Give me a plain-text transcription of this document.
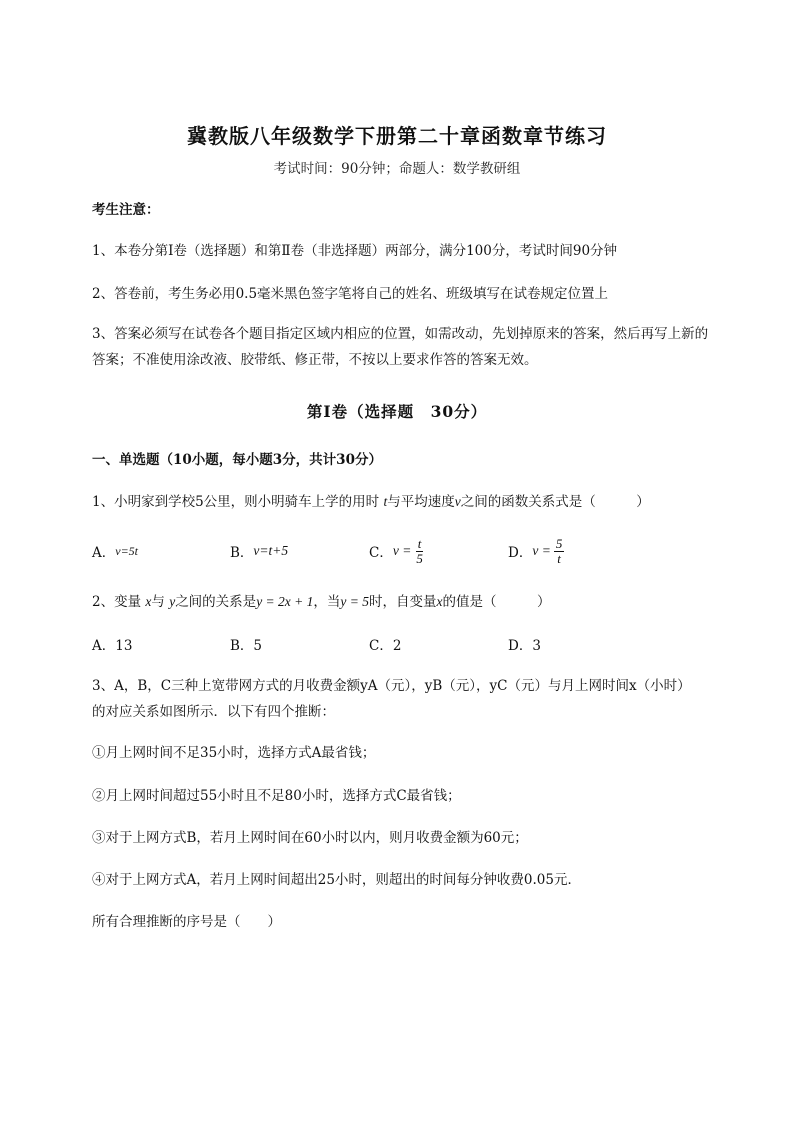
冀教版八年级数学下册第二十章函数章节练习
考试时间：90分钟；命题人：数学教研组
考生注意：
1、本卷分第Ⅰ卷（选择题）和第Ⅱ卷（非选择题）两部分，满分100分，考试时间90分钟
2、答卷前，考生务必用0.5毫米黑色签字笔将自己的姓名、班级填写在试卷规定位置上
3、答案必须写在试卷各个题目指定区域内相应的位置，如需改动，先划掉原来的答案，然后再写上新的答案；不准使用涂改液、胶带纸、修正带，不按以上要求作答的答案无效。
第Ⅰ卷（选择题　30分）
一、单选题（10小题，每小题3分，共计30分）
1、小明家到学校5公里，则小明骑车上学的用时 t与平均速度v之间的函数关系式是（　　　）
A． v=5t	B． v=t+5	C． $v = \frac{t}{5}$	D． $v = \frac{5}{t}$
2、变量 x与 y之间的关系是y = 2x + 1，当y = 5时，自变量x的值是（　　　）
A．13	B．5	C．2	D．3
3、A，B，C三种上宽带网方式的月收费金额yA（元），yB（元），yC（元）与月上网时间x（小时）
的对应关系如图所示．以下有四个推断：
①月上网时间不足35小时，选择方式A最省钱；
②月上网时间超过55小时且不足80小时，选择方式C最省钱；
③对于上网方式B，若月上网时间在60小时以内，则月收费金额为60元；
④对于上网方式A，若月上网时间超出25小时，则超出的时间每分钟收费0.05元．
所有合理推断的序号是（　　）
